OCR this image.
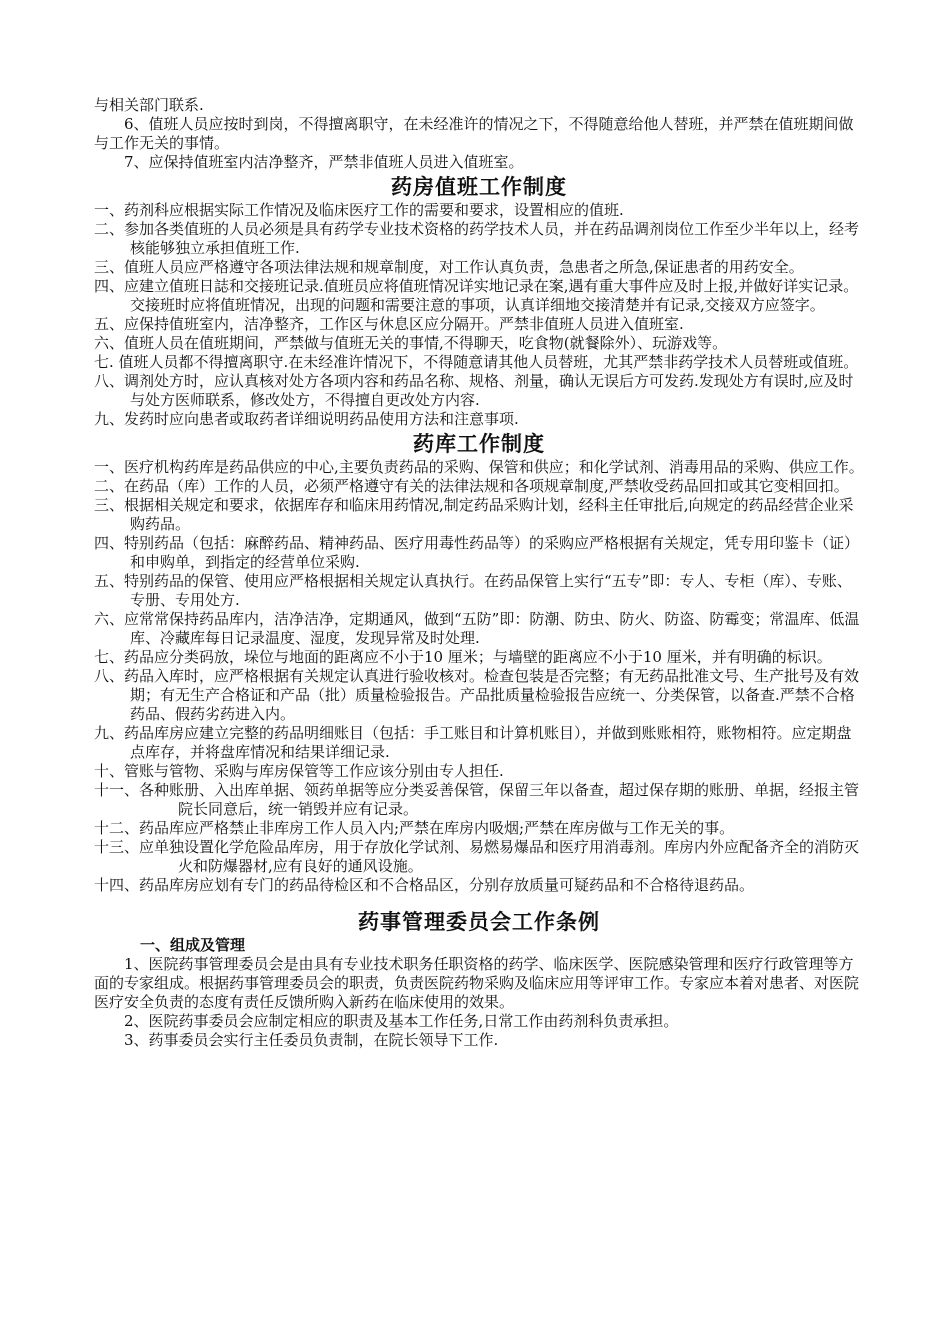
与相关部门联系.

6、值班人员应按时到岗，不得擅离职守，在未经准许的情况之下，不得随意给他人替班，并严禁在值班期间做与工作无关的事情。

7、应保持值班室内洁净整齐，严禁非值班人员进入值班室。

药房值班工作制度

一、药剂科应根据实际工作情况及临床医疗工作的需要和要求，设置相应的值班.

二、参加各类值班的人员必须是具有药学专业技术资格的药学技术人员，并在药品调剂岗位工作至少半年以上，经考核能够独立承担值班工作.

三、值班人员应严格遵守各项法律法规和规章制度，对工作认真负责，急患者之所急,保证患者的用药安全。

四、应建立值班日誌和交接班记录.值班员应将值班情况详实地记录在案,遇有重大事件应及时上报,并做好详实记录。交接班时应将值班情况，出现的问题和需要注意的事项，认真详细地交接清楚并有记录,交接双方应签字。

五、应保持值班室内，洁净整齐，工作区与休息区应分隔开。严禁非值班人员进入值班室.

六、值班人员在值班期间，严禁做与值班无关的事情,不得聊天，吃食物(就餐除外）、玩游戏等。

七. 值班人员都不得擅离职守.在未经准许情况下，不得随意请其他人员替班，尤其严禁非药学技术人员替班或值班。

八、调剂处方时，应认真核对处方各项内容和药品名称、规格、剂量，确认无误后方可发药.发现处方有误时,应及时与处方医师联系，修改处方，不得擅自更改处方内容.

九、发药时应向患者或取药者详细说明药品使用方法和注意事项.

药库工作制度

一、医疗机构药库是药品供应的中心,主要负责药品的采购、保管和供应；和化学试剂、消毒用品的采购、供应工作。

二、在药品（库）工作的人员，必须严格遵守有关的法律法规和各项规章制度,严禁收受药品回扣或其它变相回扣。

三、根据相关规定和要求，依据库存和临床用药情况,制定药品采购计划，经科主任审批后,向规定的药品经营企业采购药品。

四、特别药品（包括：麻醉药品、精神药品、医疗用毒性药品等）的采购应严格根据有关规定，凭专用印鉴卡（证）和申购单，到指定的经营单位采购.

五、特别药品的保管、使用应严格根据相关规定认真执行。在药品保管上实行“五专”即：专人、专柜（库）、专账、专册、专用处方.

六、应常常保持药品库内，洁净洁净，定期通风，做到“五防”即：防潮、防虫、防火、防盗、防霉变；常温库、低温库、冷藏库每日记录温度、湿度，发现异常及时处理.

七、药品应分类码放，垛位与地面的距离应不小于10 厘米；与墙壁的距离应不小于10 厘米，并有明确的标识。

八、药品入库时，应严格根据有关规定认真进行验收核对。检查包装是否完整；有无药品批准文号、生产批号及有效期；有无生产合格证和产品（批）质量检验报告。产品批质量检验报告应统一、分类保管，以备查.严禁不合格药品、假药劣药进入内。

九、药品库房应建立完整的药品明细账目（包括：手工账目和计算机账目），并做到账账相符，账物相符。应定期盘点库存，并将盘库情况和结果详细记录.

十、管账与管物、采购与库房保管等工作应该分别由专人担任.

十一、各种账册、入出库单据、领药单据等应分类妥善保管，保留三年以备查，超过保存期的账册、单据，经报主管院长同意后，统一销毁并应有记录。

十二、药品库应严格禁止非库房工作人员入内;严禁在库房内吸烟;严禁在库房做与工作无关的事。

十三、应单独设置化学危险品库房，用于存放化学试剂、易燃易爆品和医疗用消毒剂。库房内外应配备齐全的消防灭火和防爆器材,应有良好的通风设施。

十四、药品库房应划有专门的药品待检区和不合格品区，分别存放质量可疑药品和不合格待退药品。

药事管理委员会工作条例

一、组成及管理

1、医院药事管理委员会是由具有专业技术职务任职资格的药学、临床医学、医院感染管理和医疗行政管理等方面的专家组成。根据药事管理委员会的职责，负责医院药物采购及临床应用等评审工作。专家应本着对患者、对医院医疗安全负责的态度有责任反馈所购入新药在临床使用的效果。

2、医院药事委员会应制定相应的职责及基本工作任务,日常工作由药剂科负责承担。

3、药事委员会实行主任委员负责制，在院长领导下工作.
